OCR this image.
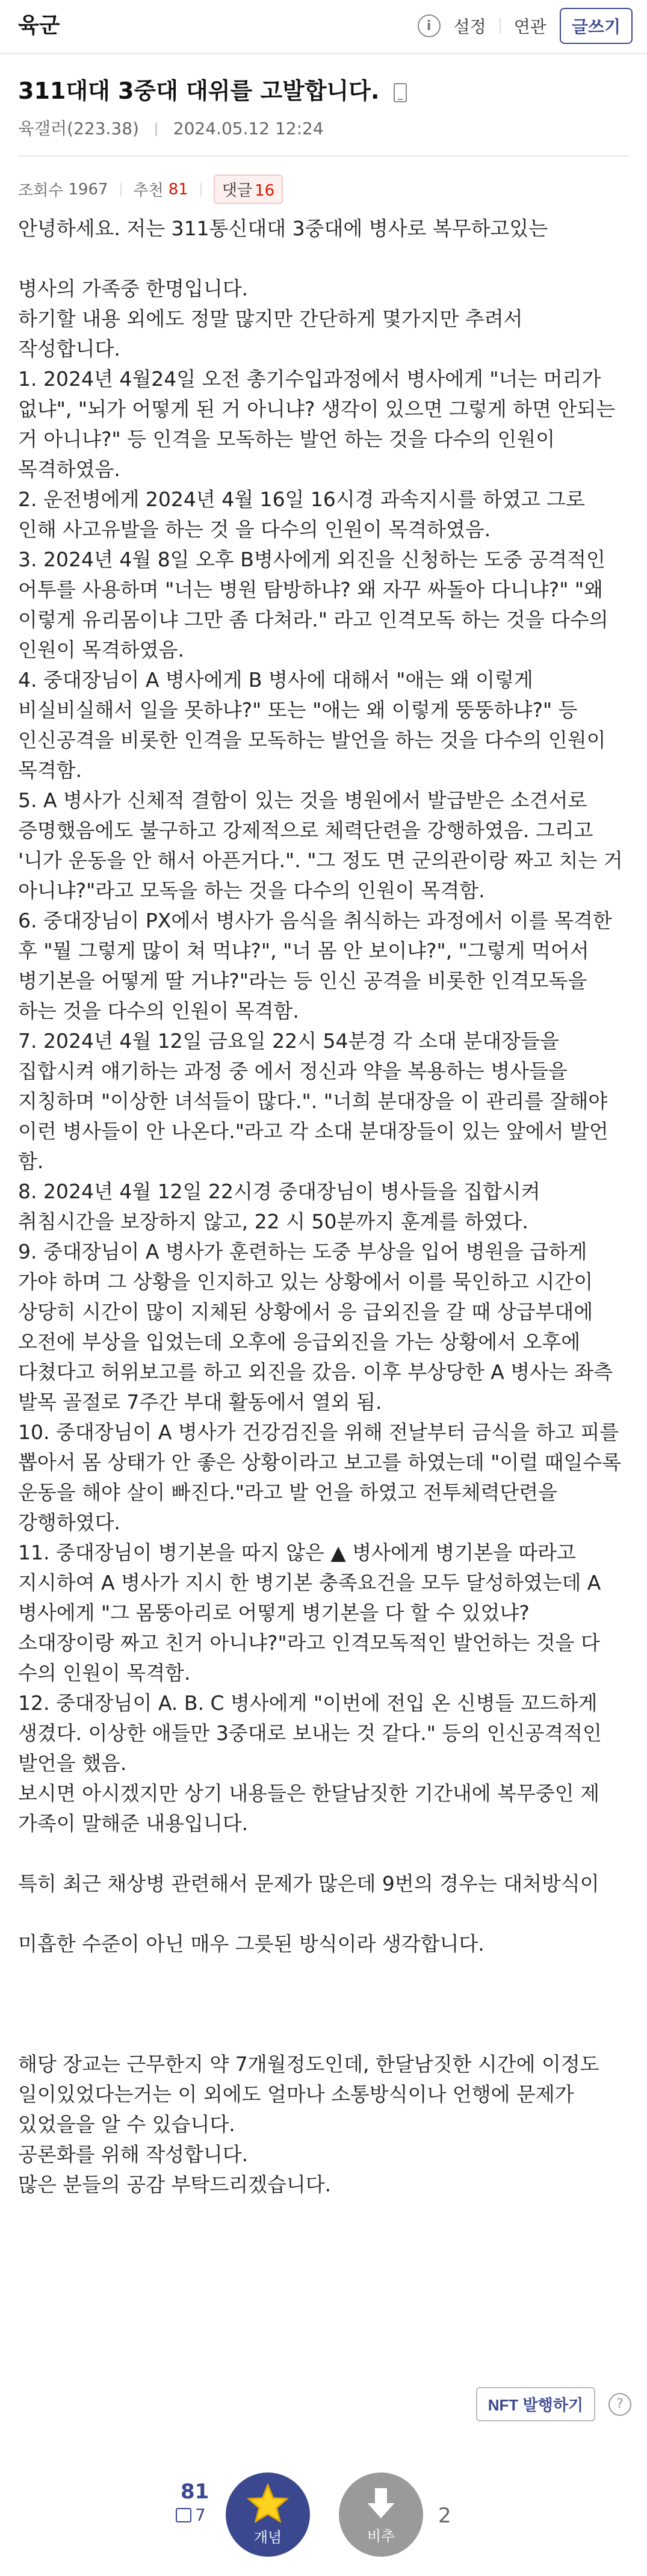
육군	i	설정 연관	글쓰기
311대대 3중대 대위를 고발합니다.
육갤러(223.38) 2024.05.12 12:24
조회수 1967 추천 81	댓글 16
안녕하세요. 저는 311통신대대 3중대에 병사로 복무하고있는

병사의 가족중 한명입니다.
하기할 내용 외에도 정말 많지만 간단하게 몇가지만 추려서 작성합니다.
1. 2024년 4월24일 오전 총기수입과정에서 병사에게 "너는 머리가 없냐", "뇌가 어떻게 된 거 아니냐? 생각이 있으면 그렇게 하면 안되는 거 아니냐?" 등 인격을 모독하는 발언 하는 것을 다수의 인원이 목격하였음.
2. 운전병에게 2024년 4월 16일 16시경 과속지시를 하였고 그로 인해 사고유발을 하는 것 을 다수의 인원이 목격하였음.
3. 2024년 4월 8일 오후 B병사에게 외진을 신청하는 도중 공격적인 어투를 사용하며 "너는 병원 탐방하냐? 왜 자꾸 싸돌아 다니냐?" "왜 이렇게 유리몸이냐 그만 좀 다쳐라." 라고 인격모독 하는 것을 다수의 인원이 목격하였음.
4. 중대장님이 A 병사에게 B 병사에 대해서 "애는 왜 이렇게 비실비실해서 일을 못하냐?" 또는 "애는 왜 이렇게 뚱뚱하냐?" 등 인신공격을 비롯한 인격을 모독하는 발언을 하는 것을 다수의 인원이 목격함.
5. A 병사가 신체적 결함이 있는 것을 병원에서 발급받은 소견서로 증명했음에도 불구하고 강제적으로 체력단련을 강행하였음. 그리고 '니가 운동을 안 해서 아픈거다.". "그 정도 면 군의관이랑 짜고 치는 거 아니냐?"라고 모독을 하는 것을 다수의 인원이 목격함.
6. 중대장님이 PX에서 병사가 음식을 취식하는 과정에서 이를 목격한 후 "뭘 그렇게 많이 쳐 먹냐?", "너 몸 안 보이냐?", "그렇게 먹어서 병기본을 어떻게 딸 거냐?"라는 등 인신 공격을 비롯한 인격모독을 하는 것을 다수의 인원이 목격함.
7. 2024년 4월 12일 금요일 22시 54분경 각 소대 분대장들을 집합시켜 얘기하는 과정 중 에서 정신과 약을 복용하는 병사들을 지칭하며 "이상한 녀석들이 많다.". "너희 분대장을 이 관리를 잘해야 이런 병사들이 안 나온다."라고 각 소대 분대장들이 있는 앞에서 발언 함.
8. 2024년 4월 12일 22시경 중대장님이 병사들을 집합시켜 취침시간을 보장하지 않고, 22 시 50분까지 훈계를 하였다.
9. 중대장님이 A 병사가 훈련하는 도중 부상을 입어 병원을 급하게 가야 하며 그 상황을 인지하고 있는 상황에서 이를 묵인하고 시간이 상당히 시간이 많이 지체된 상황에서 응 급외진을 갈 때 상급부대에 오전에 부상을 입었는데 오후에 응급외진을 가는 상황에서 오후에 다쳤다고 허위보고를 하고 외진을 갔음. 이후 부상당한 A 병사는 좌측 발목 골절로 7주간 부대 활동에서 열외 됨.
10. 중대장님이 A 병사가 건강검진을 위해 전날부터 금식을 하고 피를 뽑아서 몸 상태가 안 좋은 상황이라고 보고를 하였는데 "이럴 때일수록 운동을 해야 살이 빠진다."라고 발 언을 하였고 전투체력단련을 강행하였다.
11. 중대장님이 병기본을 따지 않은 ▲ 병사에게 병기본을 따라고 지시하여 A 병사가 지시 한 병기본 충족요건을 모두 달성하였는데 A 병사에게 "그 몸뚱아리로 어떻게 병기본을 다 할 수 있었냐? 소대장이랑 짜고 친거 아니냐?"라고 인격모독적인 발언하는 것을 다 수의 인원이 목격함.
12. 중대장님이 A. B. C 병사에게 "이번에 전입 온 신병들 꼬드하게 생겼다. 이상한 애들만 3중대로 보내는 것 같다." 등의 인신공격적인 발언을 했음.
보시면 아시겠지만 상기 내용들은 한달남짓한 기간내에 복무중인 제 가족이 말해준 내용입니다.

특히 최근 채상병 관련해서 문제가 많은데 9번의 경우는 대처방식이

미흡한 수준이 아닌 매우 그릇된 방식이라 생각합니다.

해당 장교는 근무한지 약 7개월정도인데, 한달남짓한 시간에 이정도 일이있었다는거는 이 외에도 얼마나 소통방식이나 언행에 문제가 있었을을 알 수 있습니다.
공론화를 위해 작성합니다.
많은 분들의 공감 부탁드리겠습니다.
NFT 발행하기	?
81
7
개념	비추
2
